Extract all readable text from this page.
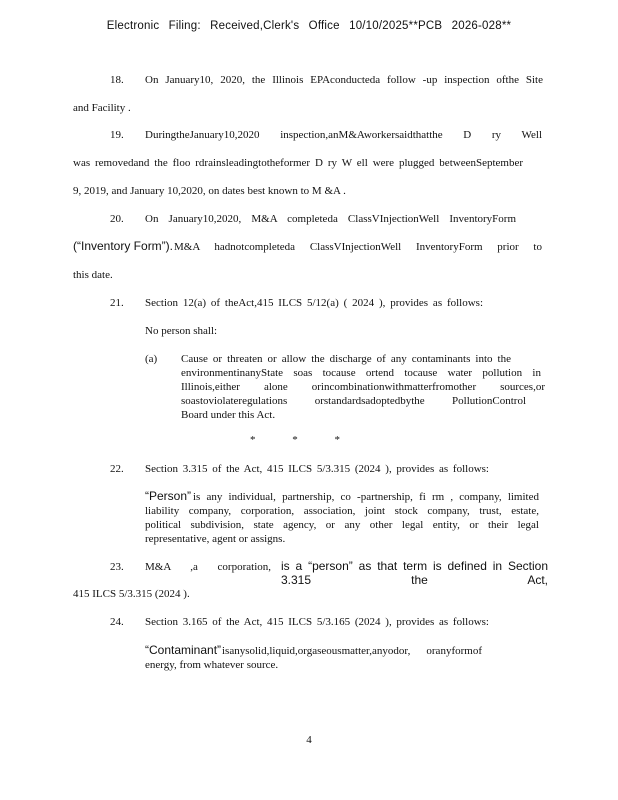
Electronic Filing: Received,Clerk's Office 10/10/2025**PCB 2026-028**
18. On January10, 2020, the Illinois EPAconducteda follow -up inspection ofthe Site
and Facility .
19. DuringtheJanuary10,2020 inspection,anM&Aworkersaidthatthe D ry Well
was removedand the floo rdrainsleadingtotheformer D ry W ell were plugged betweenSeptember
9, 2019, and January 10,2020, on dates best known to M &A .
20. On January10,2020, M&A completeda ClassVInjectionWell InventoryForm
(“Inventory Form”). M&A hadnotcompleteda ClassVInjectionWell InventoryForm prior to
this date.
21. Section 12(a) of theAct,415 ILCS 5/12(a) ( 2024 ), provides as follows:
No person shall:
(a) Cause or threaten or allow the discharge of any contaminants into the
environmentinanyState soas tocause ortend tocause water pollution in
Illinois,either alone orincombinationwithmatterfromother sources,or
soastoviolateregulations orstandardsadoptedbythe PollutionControl
Board under this Act.
*	*	*
22. Section 3.315 of the Act, 415 ILCS 5/3.315 (2024 ), provides as follows:
“Person” is any individual, partnership, co -partnership, fi rm , company, limited
liability company, corporation, association, joint stock company, trust, estate,
political subdivision, state agency, or any other legal entity, or their legal
representative, agent or assigns.
23. M&A ,a corporation, is a “person” as that term is defined in Section 3.315 the Act,
415 ILCS 5/3.315 (2024 ).
24. Section 3.165 of the Act, 415 ILCS 5/3.165 (2024 ), provides as follows:
“Contaminant” isanysolid,liquid,orgaseousmatter,anyodor, oranyformof
energy, from whatever source.
4
